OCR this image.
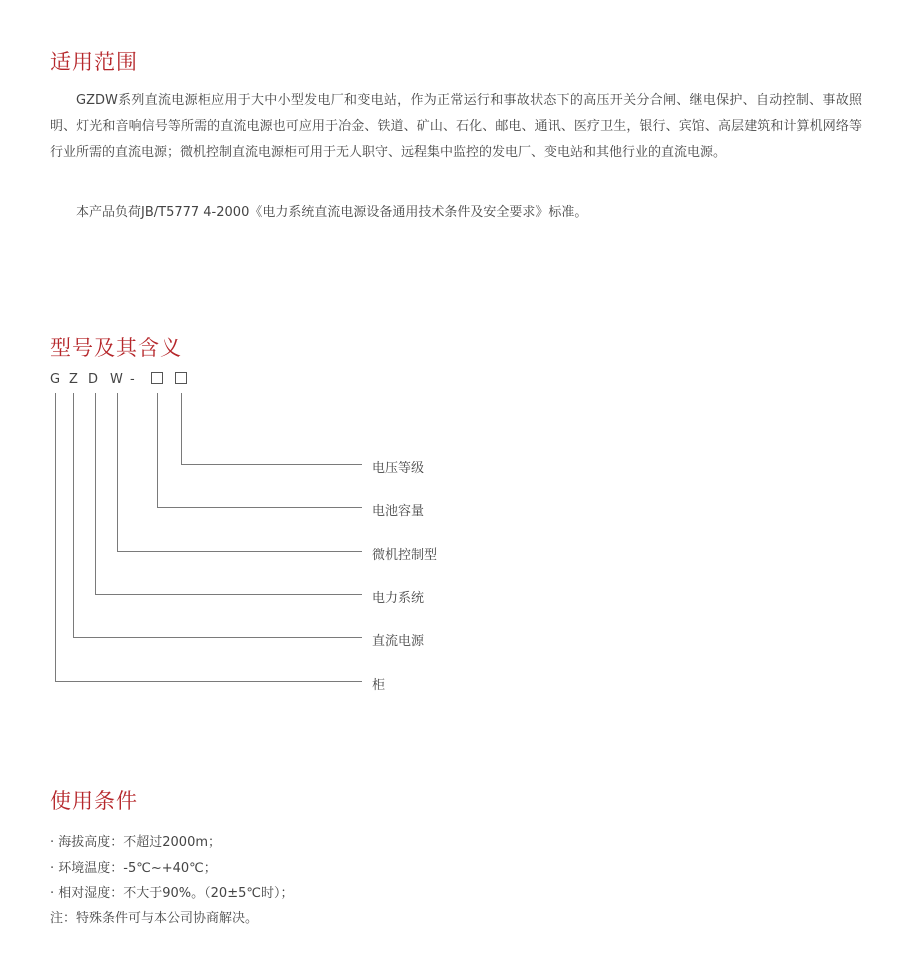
适用范围

GZDW系列直流电源柜应用于大中小型发电厂和变电站，作为正常运行和事故状态下的高压开关分合闸、继电保护、自动控制、事故照明、灯光和音响信号等所需的直流电源也可应用于冶金、铁道、矿山、石化、邮电、通讯、医疗卫生，银行、宾馆、高层建筑和计算机网络等行业所需的直流电源；微机控制直流电源柜可用于无人职守、远程集中监控的发电厂、变电站和其他行业的直流电源。

本产品负荷JB/T5777 4-2000《电力系统直流电源设备通用技术条件及安全要求》标准。

型号及其含义
G Z D W -
电压等级
电池容量
微机控制型
电力系统
直流电源
柜
使用条件
· 海拔高度：不超过2000m；
· 环境温度：-5℃~+40℃；
· 相对湿度：不大于90%。（20±5℃时）；
注：特殊条件可与本公司协商解决。
